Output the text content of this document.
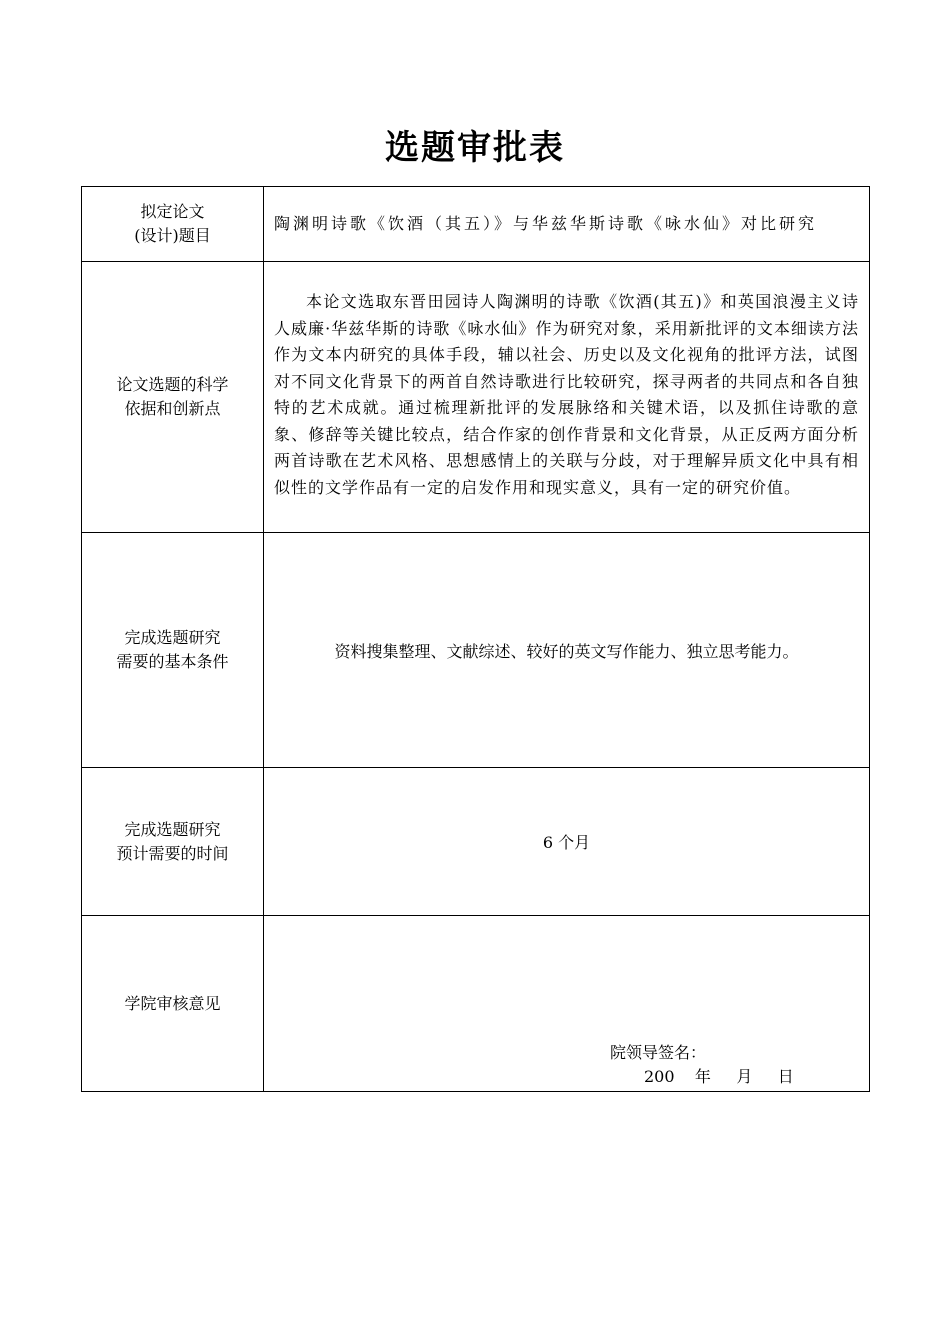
选题审批表
拟定论文
(设计)题目	陶渊明诗歌《饮酒（其五）》与华兹华斯诗歌《咏水仙》对比研究

论文选题的科学
依据和创新点	本论文选取东晋田园诗人陶渊明的诗歌《饮酒(其五)》和英国浪漫主义诗人威廉·华兹华斯的诗歌《咏水仙》作为研究对象，采用新批评的文本细读方法作为文本内研究的具体手段，辅以社会、历史以及文化视角的批评方法，试图对不同文化背景下的两首自然诗歌进行比较研究，探寻两者的共同点和各自独特的艺术成就。通过梳理新批评的发展脉络和关键术语，以及抓住诗歌的意象、修辞等关键比较点，结合作家的创作背景和文化背景，从正反两方面分析两首诗歌在艺术风格、思想感情上的关联与分歧，对于理解异质文化中具有相似性的文学作品有一定的启发作用和现实意义，具有一定的研究价值。

完成选题研究
需要的基本条件	资料搜集整理、文献综述、较好的英文写作能力、独立思考能力。

完成选题研究
预计需要的时间	6 个月

学院审核意见	院领导签名：
200    年     月     日
